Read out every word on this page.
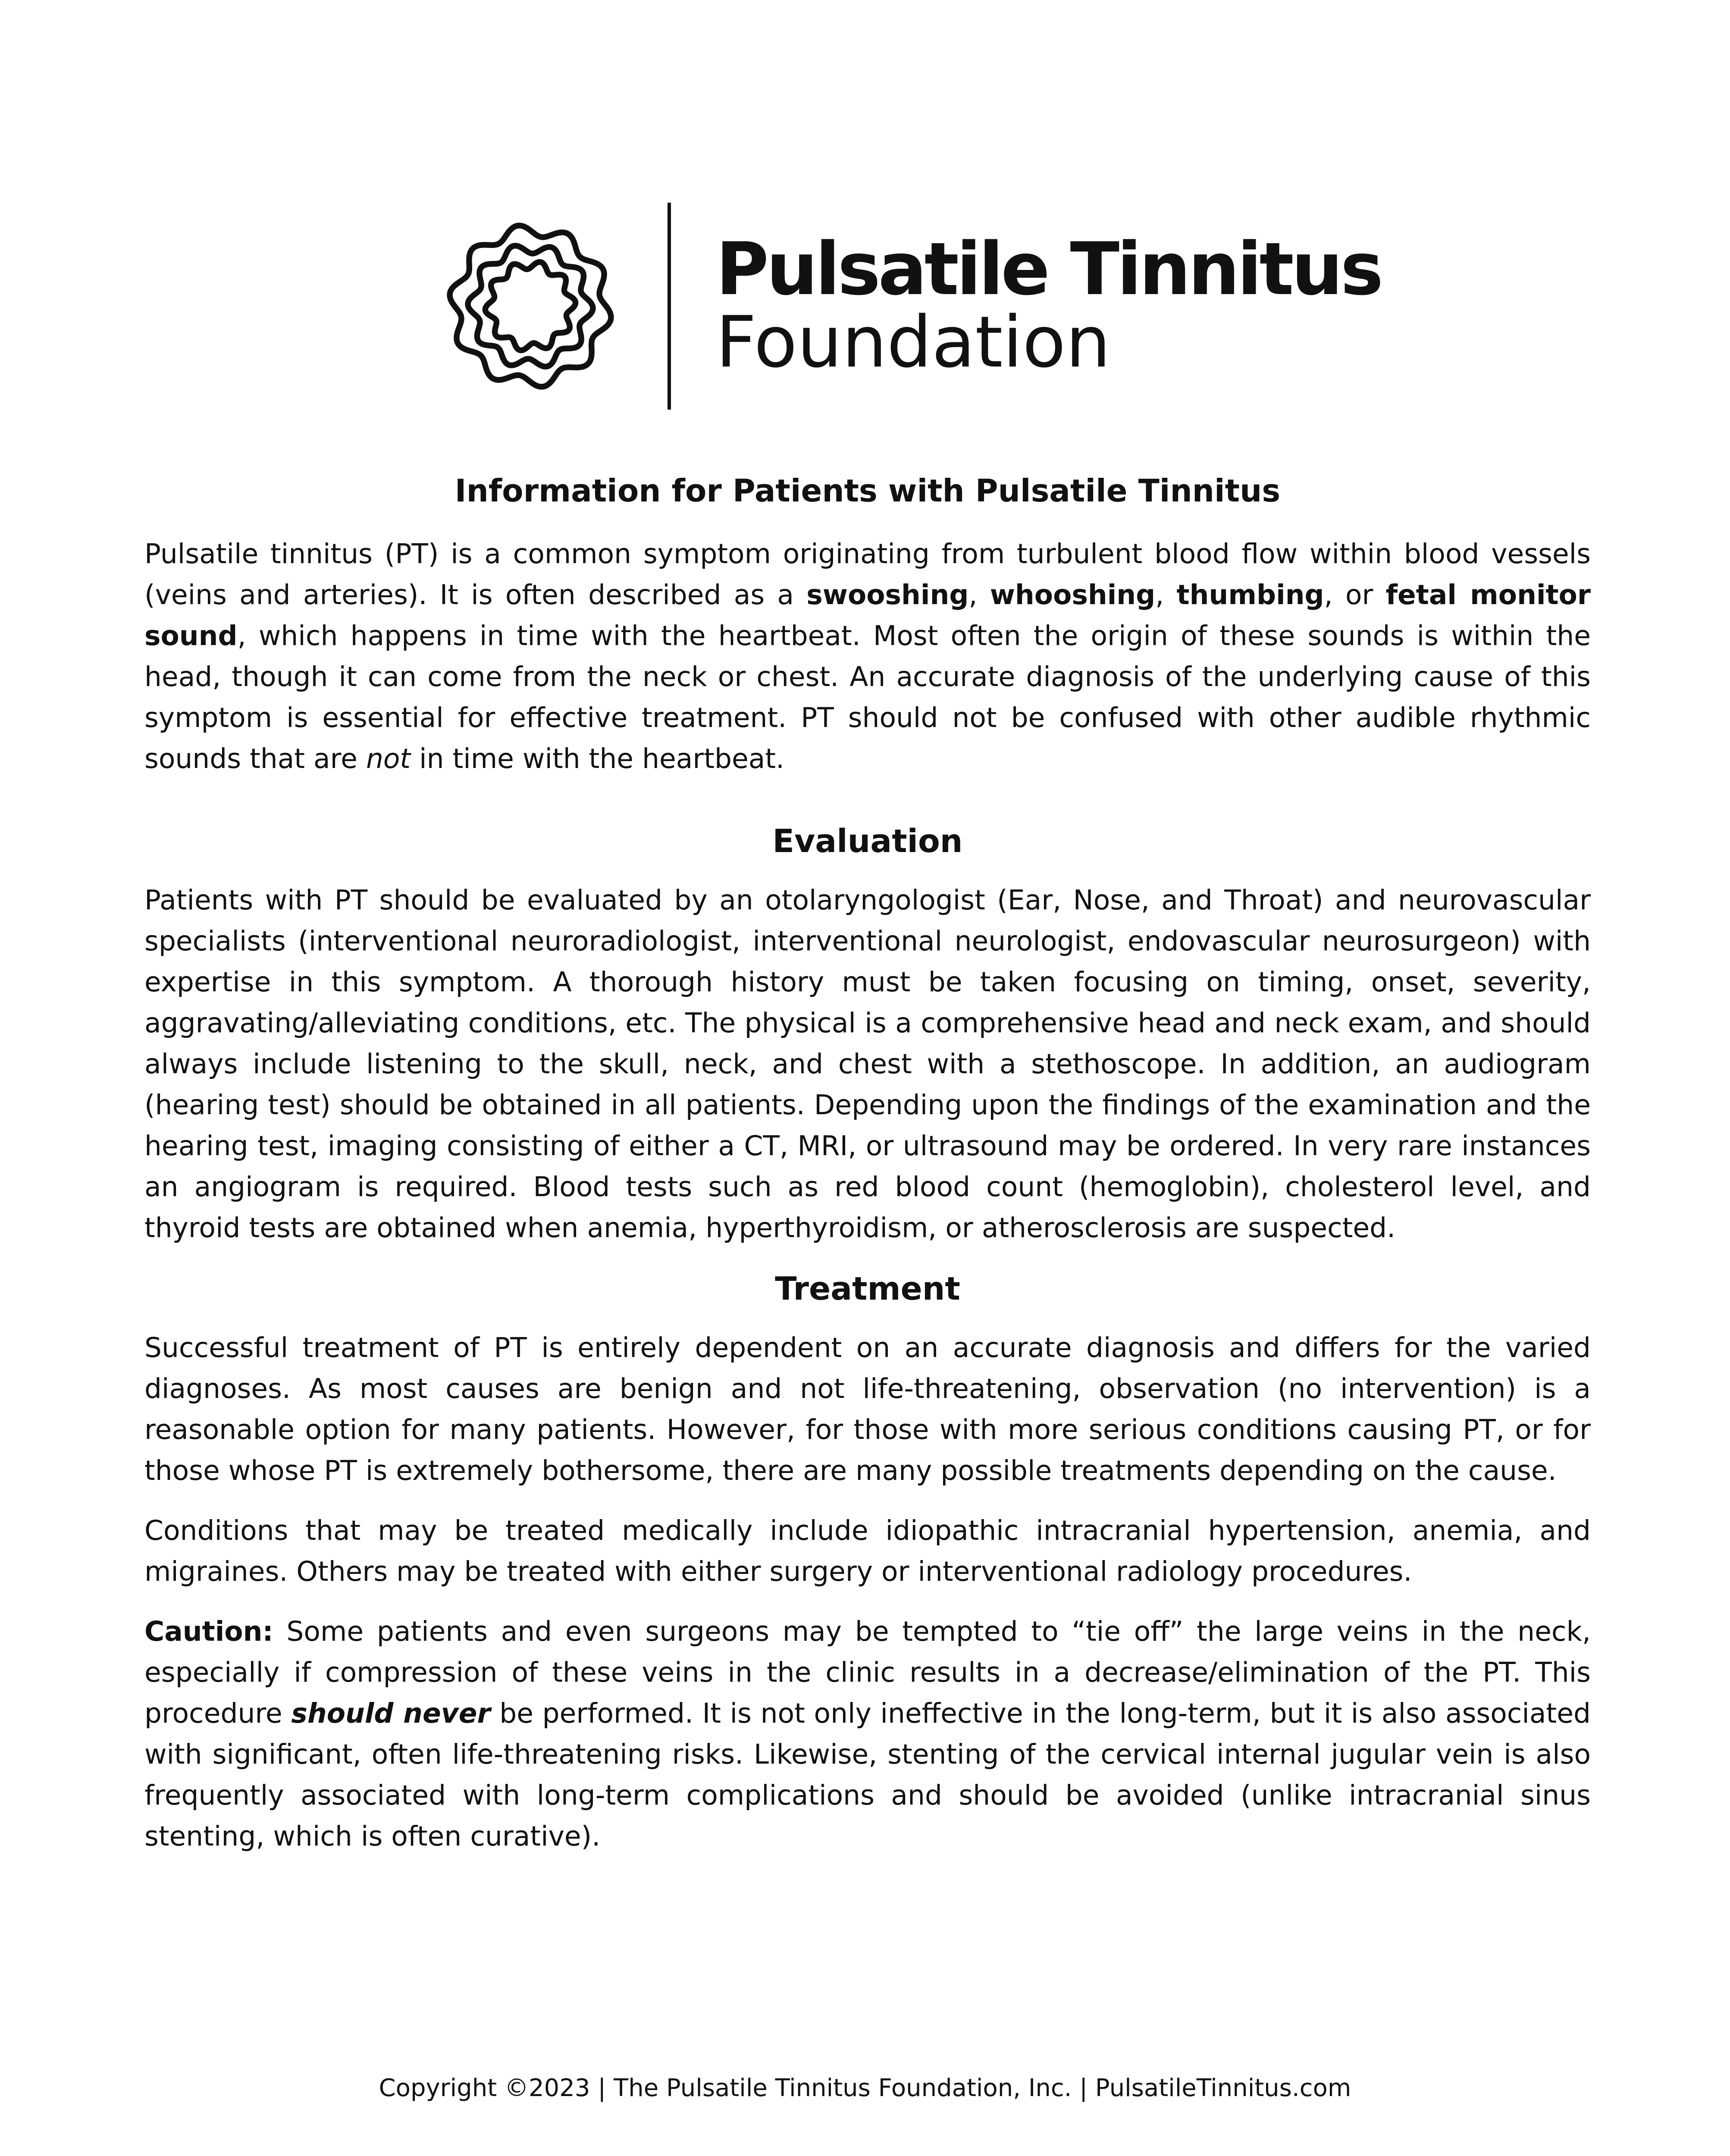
Pulsatile Tinnitus
Foundation
Information for Patients with Pulsatile Tinnitus

Pulsatile tinnitus (PT) is a common symptom originating from turbulent blood flow within blood vessels (veins and arteries). It is often described as a swooshing, whooshing, thumbing, or fetal monitor sound, which happens in time with the heartbeat. Most often the origin of these sounds is within the head, though it can come from the neck or chest. An accurate diagnosis of the underlying cause of this symptom is essential for effective treatment. PT should not be confused with other audible rhythmic sounds that are not in time with the heartbeat.

Evaluation

Patients with PT should be evaluated by an otolaryngologist (Ear, Nose, and Throat) and neurovascular specialists (interventional neuroradiologist, interventional neurologist, endovascular neurosurgeon) with expertise in this symptom. A thorough history must be taken focusing on timing, onset, severity, aggravating/alleviating conditions, etc. The physical is a comprehensive head and neck exam, and should always include listening to the skull, neck, and chest with a stethoscope. In addition, an audiogram (hearing test) should be obtained in all patients. Depending upon the findings of the examination and the hearing test, imaging consisting of either a CT, MRI, or ultrasound may be ordered. In very rare instances an angiogram is required. Blood tests such as red blood count (hemoglobin), cholesterol level, and thyroid tests are obtained when anemia, hyperthyroidism, or atherosclerosis are suspected.

Treatment

Successful treatment of PT is entirely dependent on an accurate diagnosis and differs for the varied diagnoses. As most causes are benign and not life-threatening, observation (no intervention) is a reasonable option for many patients. However, for those with more serious conditions causing PT, or for those whose PT is extremely bothersome, there are many possible treatments depending on the cause.

Conditions that may be treated medically include idiopathic intracranial hypertension, anemia, and migraines. Others may be treated with either surgery or interventional radiology procedures.

Caution: Some patients and even surgeons may be tempted to “tie off” the large veins in the neck, especially if compression of these veins in the clinic results in a decrease/elimination of the PT. This procedure should never be performed. It is not only ineffective in the long-term, but it is also associated with significant, often life-threatening risks. Likewise, stenting of the cervical internal jugular vein is also frequently associated with long-term complications and should be avoided (unlike intracranial sinus stenting, which is often curative).

Copyright ©2023 | The Pulsatile Tinnitus Foundation, Inc. | PulsatileTinnitus.com
